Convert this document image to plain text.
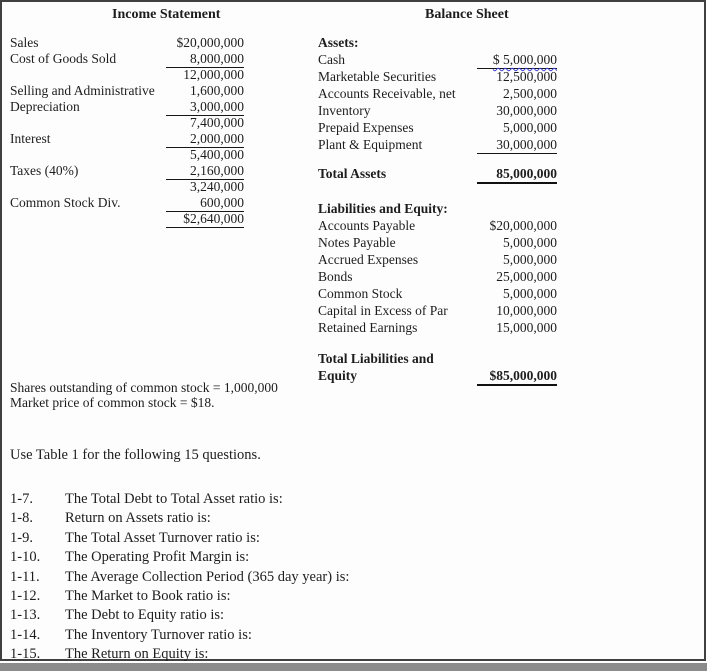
Income Statement	Balance Sheet
Sales	$20,000,000
Cost of Goods Sold	8,000,000
12,000,000
Selling and Administrative	1,600,000
Depreciation	3,000,000
7,400,000
Interest	2,000,000
5,400,000
Taxes (40%)	2,160,000
3,240,000
Common Stock Div.	600,000
$2,640,000
Assets:
Cash	$ 5,000,000
Marketable Securities	12,500,000
Accounts Receivable, net	2,500,000
Inventory	30,000,000
Prepaid Expenses	5,000,000
Plant & Equipment	30,000,000
Total Assets	85,000,000
Liabilities and Equity:
Accounts Payable	$20,000,000
Notes Payable	5,000,000
Accrued Expenses	5,000,000
Bonds	25,000,000
Common Stock	5,000,000
Capital in Excess of Par	10,000,000
Retained Earnings	15,000,000
Total Liabilities and
Equity	$85,000,000
Shares outstanding of common stock = 1,000,000
Market price of common stock = $18.
Use Table 1 for the following 15 questions.
1-7.	The Total Debt to Total Asset ratio is:
1-8.	Return on Assets ratio is:
1-9.	The Total Asset Turnover ratio is:
1-10.	The Operating Profit Margin is:
1-11.	The Average Collection Period (365 day year) is:
1-12.	The Market to Book ratio is:
1-13.	The Debt to Equity ratio is:
1-14.	The Inventory Turnover ratio is:
1-15.	The Return on Equity is:
